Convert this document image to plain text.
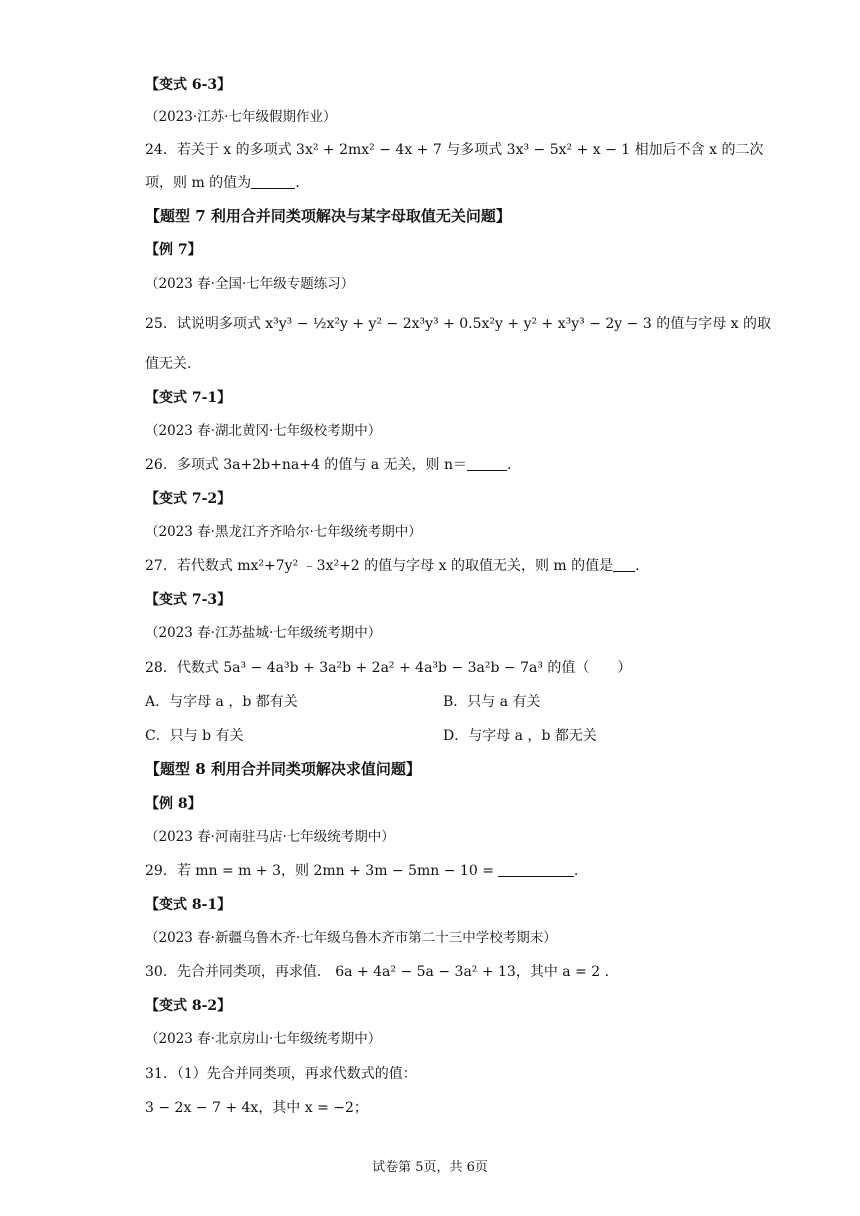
【变式 6-3】
（2023·江苏·七年级假期作业）
24．若关于 x 的多项式 3x² + 2mx² − 4x + 7 与多项式 3x³ − 5x² + x − 1 相加后不含 x 的二次
项，则 m 的值为	.
【题型 7 利用合并同类项解决与某字母取值无关问题】
【例 7】
（2023 春·全国·七年级专题练习）
25．试说明多项式 x³y³ − ½x²y + y² − 2x³y³ + 0.5x²y + y² + x³y³ − 2y − 3 的值与字母 x 的取
值无关.
【变式 7-1】
（2023 春·湖北黄冈·七年级校考期中）
26．多项式 3a+2b+na+4 的值与 a 无关，则 n＝	.
【变式 7-2】
（2023 春·黑龙江齐齐哈尔·七年级统考期中）
27．若代数式 mx²+7y² ﹣3x²+2 的值与字母 x 的取值无关，则 m 的值是 .
【变式 7-3】
（2023 春·江苏盐城·七年级统考期中）
28．代数式 5a³ − 4a³b + 3a²b + 2a² + 4a³b − 3a²b − 7a³ 的值（　　）
A．与字母 a ，b 都有关	B．只与 a 有关
C．只与 b 有关	D．与字母 a ，b 都无关
【题型 8 利用合并同类项解决求值问题】
【例 8】
（2023 春·河南驻马店·七年级统考期中）
29．若 mn = m + 3，则 2mn + 3m − 5mn − 10 =	.
【变式 8-1】
（2023 春·新疆乌鲁木齐·七年级乌鲁木齐市第二十三中学校考期末）
30．先合并同类项，再求值． 6a + 4a² − 5a − 3a² + 13，其中 a = 2 .
【变式 8-2】
（2023 春·北京房山·七年级统考期中）
31．（1）先合并同类项，再求代数式的值：
3 − 2x − 7 + 4x，其中 x = −2；
试卷第 5页，共 6页
